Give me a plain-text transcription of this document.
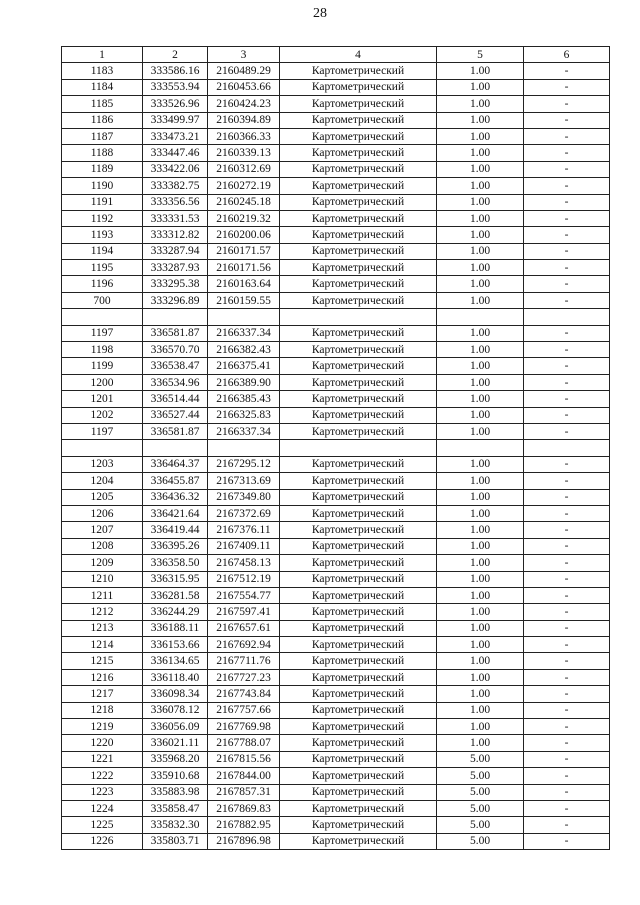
28
1	2	3	4	5	6
1183	333586.16	2160489.29	Картометрический	1.00	-
1184	333553.94	2160453.66	Картометрический	1.00	-
1185	333526.96	2160424.23	Картометрический	1.00	-
1186	333499.97	2160394.89	Картометрический	1.00	-
1187	333473.21	2160366.33	Картометрический	1.00	-
1188	333447.46	2160339.13	Картометрический	1.00	-
1189	333422.06	2160312.69	Картометрический	1.00	-
1190	333382.75	2160272.19	Картометрический	1.00	-
1191	333356.56	2160245.18	Картометрический	1.00	-
1192	333331.53	2160219.32	Картометрический	1.00	-
1193	333312.82	2160200.06	Картометрический	1.00	-
1194	333287.94	2160171.57	Картометрический	1.00	-
1195	333287.93	2160171.56	Картометрический	1.00	-
1196	333295.38	2160163.64	Картометрический	1.00	-
700	333296.89	2160159.55	Картометрический	1.00	-

1197	336581.87	2166337.34	Картометрический	1.00	-
1198	336570.70	2166382.43	Картометрический	1.00	-
1199	336538.47	2166375.41	Картометрический	1.00	-
1200	336534.96	2166389.90	Картометрический	1.00	-
1201	336514.44	2166385.43	Картометрический	1.00	-
1202	336527.44	2166325.83	Картометрический	1.00	-
1197	336581.87	2166337.34	Картометрический	1.00	-

1203	336464.37	2167295.12	Картометрический	1.00	-
1204	336455.87	2167313.69	Картометрический	1.00	-
1205	336436.32	2167349.80	Картометрический	1.00	-
1206	336421.64	2167372.69	Картометрический	1.00	-
1207	336419.44	2167376.11	Картометрический	1.00	-
1208	336395.26	2167409.11	Картометрический	1.00	-
1209	336358.50	2167458.13	Картометрический	1.00	-
1210	336315.95	2167512.19	Картометрический	1.00	-
1211	336281.58	2167554.77	Картометрический	1.00	-
1212	336244.29	2167597.41	Картометрический	1.00	-
1213	336188.11	2167657.61	Картометрический	1.00	-
1214	336153.66	2167692.94	Картометрический	1.00	-
1215	336134.65	2167711.76	Картометрический	1.00	-
1216	336118.40	2167727.23	Картометрический	1.00	-
1217	336098.34	2167743.84	Картометрический	1.00	-
1218	336078.12	2167757.66	Картометрический	1.00	-
1219	336056.09	2167769.98	Картометрический	1.00	-
1220	336021.11	2167788.07	Картометрический	1.00	-
1221	335968.20	2167815.56	Картометрический	5.00	-
1222	335910.68	2167844.00	Картометрический	5.00	-
1223	335883.98	2167857.31	Картометрический	5.00	-
1224	335858.47	2167869.83	Картометрический	5.00	-
1225	335832.30	2167882.95	Картометрический	5.00	-
1226	335803.71	2167896.98	Картометрический	5.00	-
